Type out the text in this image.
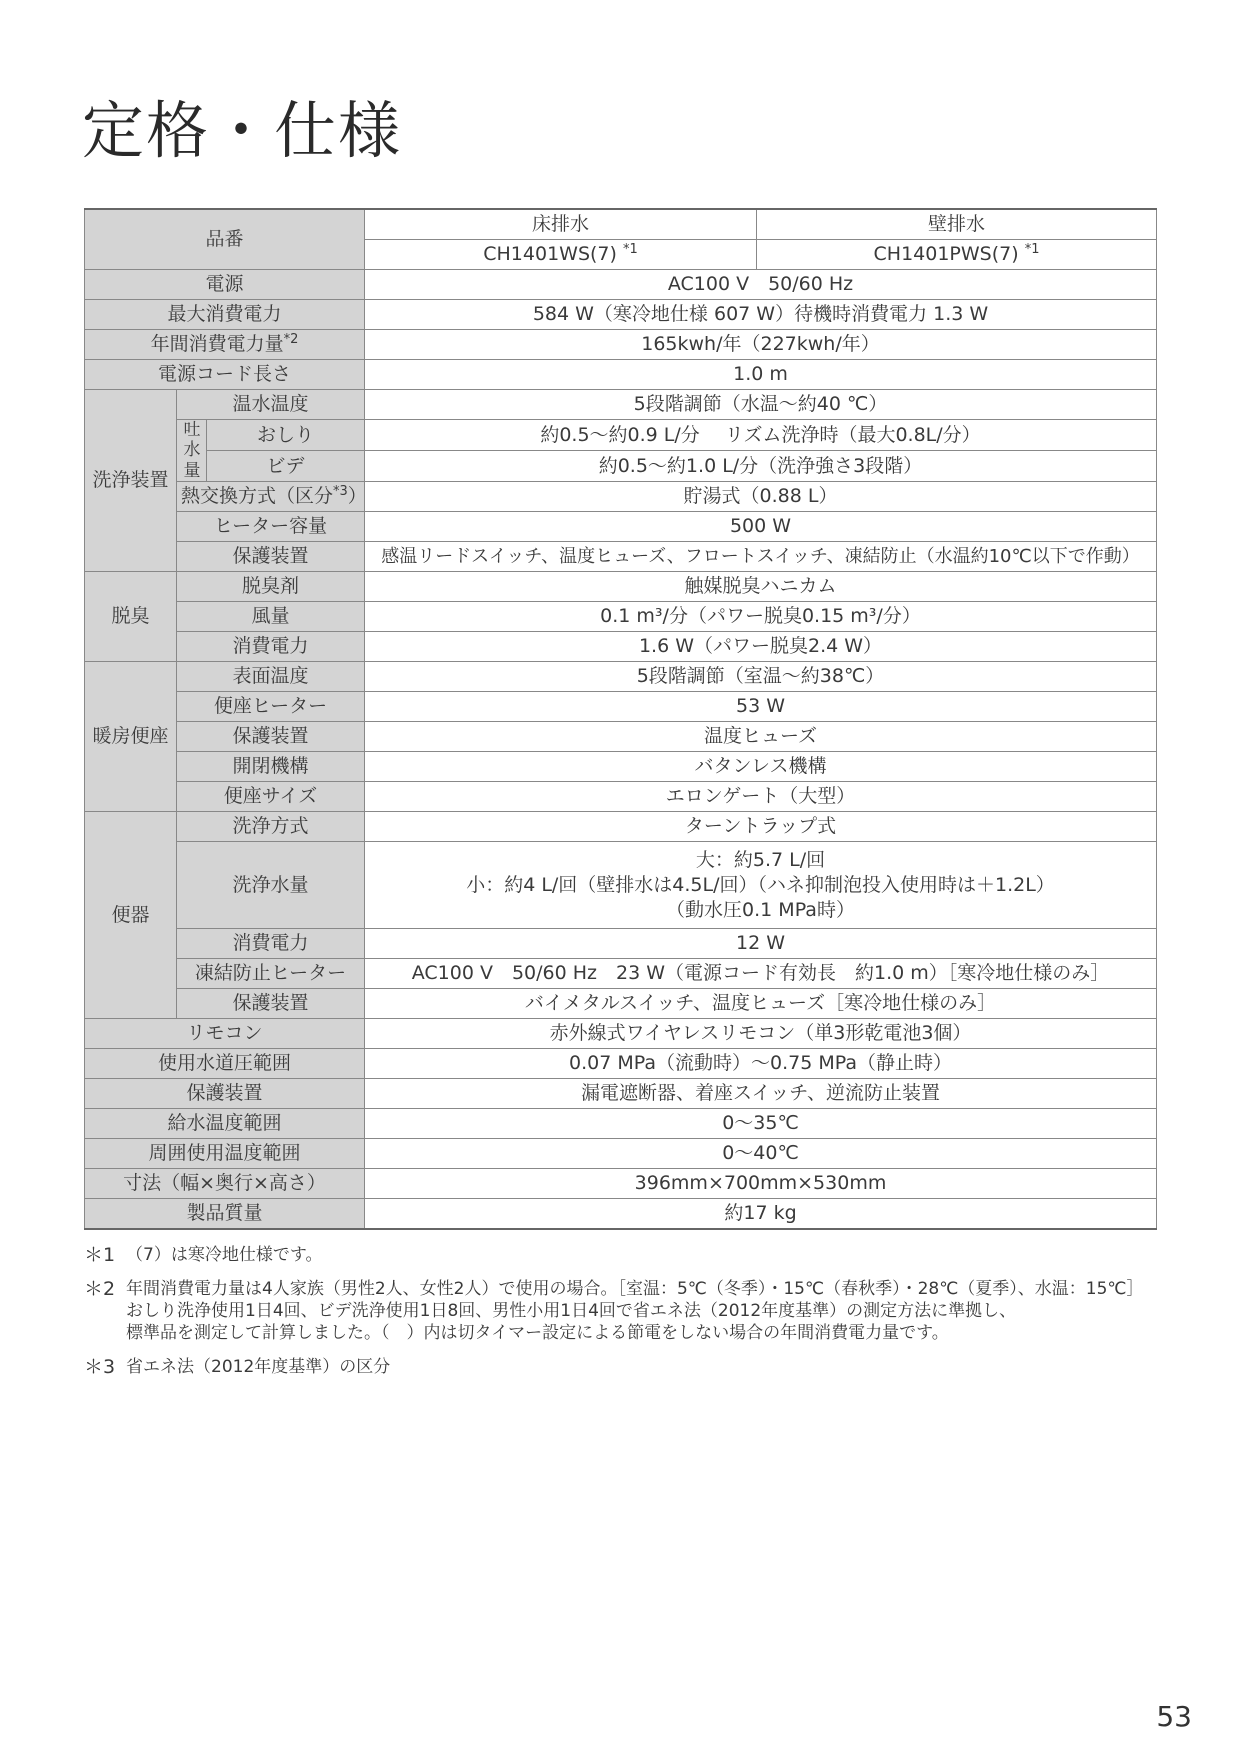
定格・仕様
品番			床排水	壁排水
			CH1401WS(7) $^{*1}$	CH1401PWS(7) $^{*1}$
電源			AC100 V　50/60 Hz	
最大消費電力			584 W（寒冷地仕様 607 W）待機時消費電力 1.3 W	
年間消費電力量$^{*2}$			165kwh/年（227kwh/年）	
電源コード長さ			1.0 m	
洗浄装置	温水温度		5段階調節（水温～約40 ℃）	
	吐水量	おしり	約0.5～約0.9 L/分　 リズム洗浄時（最大0.8L/分）	
		ビデ	約0.5～約1.0 L/分（洗浄強さ3段階）	
	熱交換方式（区分$^{*3}$）		貯湯式（0.88 L）	
	ヒーター容量		500 W	
	保護装置		感温リードスイッチ、温度ヒューズ、フロートスイッチ、凍結防止（水温約10℃以下で作動）	
脱臭	脱臭剤		触媒脱臭ハニカム	
	風量		0.1 m³/分（パワー脱臭0.15 m³/分）	
	消費電力		1.6 W（パワー脱臭2.4 W）	
暖房便座	表面温度		5段階調節（室温～約38℃）	
	便座ヒーター		53 W	
	保護装置		温度ヒューズ	
	開閉機構		バタンレス機構	
	便座サイズ		エロンゲート（大型）	
便器	洗浄方式		ターントラップ式	
	洗浄水量		大：約5.7 L/回
小：約4 L/回（壁排水は4.5L/回）（ハネ抑制泡投入使用時は＋1.2L）
（動水圧0.1 MPa時）	

	消費電力		12 W	
	凍結防止ヒーター		AC100 V　50/60 Hz　23 W（電源コード有効長　約1.0 m）［寒冷地仕様のみ］	
	保護装置		バイメタルスイッチ、温度ヒューズ［寒冷地仕様のみ］	
リモコン			赤外線式ワイヤレスリモコン（単3形乾電池3個）	
使用水道圧範囲			0.07 MPa（流動時）～0.75 MPa（静止時）	
保護装置			漏電遮断器、着座スイッチ、逆流防止装置	
給水温度範囲			0～35℃	
周囲使用温度範囲			0～40℃	
寸法（幅×奥行×高さ）			396mm×700mm×530mm	
製品質量			約17 kg	
＊1 （7）は寒冷地仕様です。
＊2 年間消費電力量は4人家族（男性2人、女性2人）で使用の場合。［室温：5℃（冬季）・15℃（春秋季）・28℃（夏季）、水温：15℃］
おしり洗浄使用1日4回、ビデ洗浄使用1日8回、男性小用1日4回で省エネ法（2012年度基準）の測定方法に準拠し、
標準品を測定して計算しました。（　）内は切タイマー設定による節電をしない場合の年間消費電力量です。
＊3 省エネ法（2012年度基準）の区分
53
